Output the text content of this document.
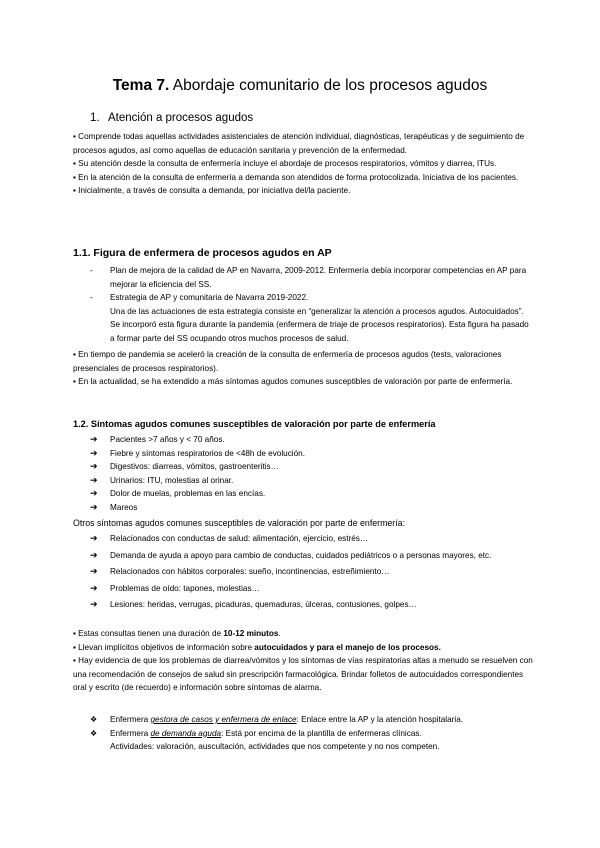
Tema 7. Abordaje comunitario de los procesos agudos
1. Atención a procesos agudos

▪ Comprende todas aquellas actividades asistenciales de atención individual, diagnósticas, terapéuticas y de seguimiento de procesos agudos, así como aquellas de educación sanitaria y prevención de la enfermedad.

▪ Su atención desde la consulta de enfermería incluye el abordaje de procesos respiratorios, vómitos y diarrea, ITUs.

▪ En la atención de la consulta de enfermería a demanda son atendidos de forma protocolizada. Iniciativa de los pacientes.

▪ Inicialmente, a través de consulta a demanda, por iniciativa del/la paciente.

1.1. Figura de enfermera de procesos agudos en AP
- Plan de mejora de la calidad de AP en Navarra, 2009-2012. Enfermería debía incorporar competencias en AP para mejorar la eficiencia del SS.
- Estrategia de AP y comunitaria de Navarra 2019-2022.

Una de las actuaciones de esta estrategia consiste en “generalizar la atención a procesos agudos. Autocuidados”. Se incorporó esta figura durante la pandemia (enfermera de triaje de procesos respiratorios). Esta figura ha pasado a formar parte del SS ocupando otros muchos procesos de salud.

▪ En tiempo de pandemia se aceleró la creación de la consulta de enfermería de procesos agudos (tests, valoraciones presenciales de procesos respiratorios).

▪ En la actualidad, se ha extendido a más síntomas agudos comunes susceptibles de valoración por parte de enfermería.

1.2. Síntomas agudos comunes susceptibles de valoración por parte de enfermería
➔ Pacientes >7 años y < 70 años.
➔ Fiebre y síntomas respiratorios de <48h de evolución.
➔ Digestivos: diarreas, vómitos, gastroenteritis…
➔ Urinarios: ITU, molestias al orinar.
➔ Dolor de muelas, problemas en las encías.
➔ Mareos
Otros síntomas agudos comunes susceptibles de valoración por parte de enfermería:
➔ Relacionados con conductas de salud: alimentación, ejercicio, estrés…
➔ Demanda de ayuda a apoyo para cambio de conductas, cuidados pediátricos o a personas mayores, etc.
➔ Relacionados con hábitos corporales: sueño, incontinencias, estreñimiento…
➔ Problemas de oído: tapones, molestias…
➔ Lesiones: heridas, verrugas, picaduras, quemaduras, úlceras, contusiones, golpes…

▪ Estas consultas tienen una duración de 10-12 minutos.

▪ Llevan implícitos objetivos de información sobre autocuidados y para el manejo de los procesos.

▪ Hay evidencia de que los problemas de diarrea/vómitos y los síntomas de vías respiratorias altas a menudo se resuelven con una recomendación de consejos de salud sin prescripción farmacológica. Brindar folletos de autocuidados correspondientes oral y escrito (de recuerdo) e información sobre síntomas de alarma.

❖ Enfermera gestora de casos y enfermera de enlace: Enlace entre la AP y la atención hospitalaria.
❖ Enfermera de demanda aguda: Está por encima de la plantilla de enfermeras clínicas.

Actividades: valoración, auscultación, actividades que nos competente y no nos competen.
